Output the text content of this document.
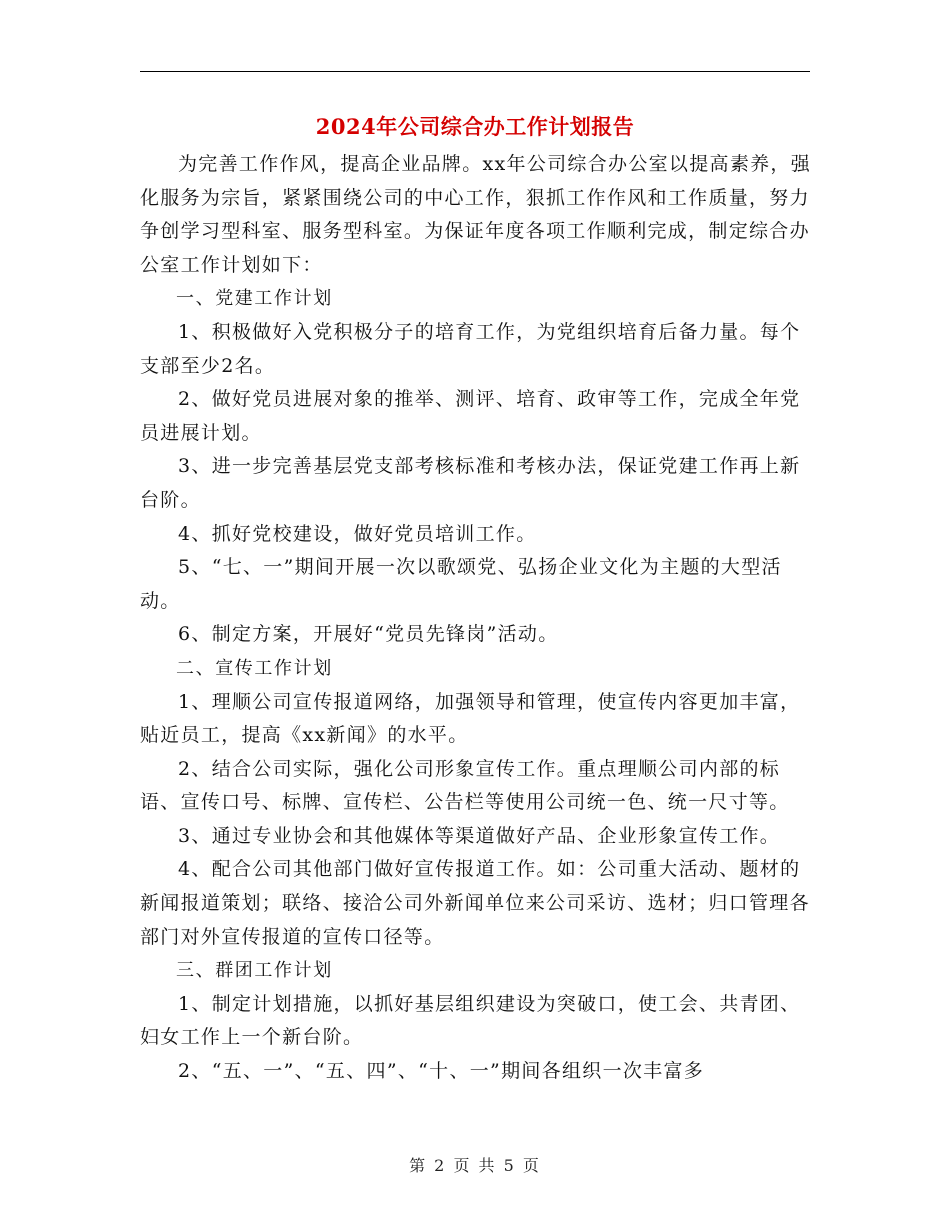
2024年公司综合办工作计划报告

为完善工作作风，提高企业品牌。xx年公司综合办公室以提高素养，强化服务为宗旨，紧紧围绕公司的中心工作，狠抓工作作风和工作质量，努力争创学习型科室、服务型科室。为保证年度各项工作顺利完成，制定综合办公室工作计划如下：

一、党建工作计划

1、积极做好入党积极分子的培育工作，为党组织培育后备力量。每个支部至少2名。

2、做好党员进展对象的推举、测评、培育、政审等工作，完成全年党员进展计划。

3、进一步完善基层党支部考核标准和考核办法，保证党建工作再上新台阶。

4、抓好党校建设，做好党员培训工作。

5、“七、一”期间开展一次以歌颂党、弘扬企业文化为主题的大型活动。

6、制定方案，开展好“党员先锋岗”活动。

二、宣传工作计划

1、理顺公司宣传报道网络，加强领导和管理，使宣传内容更加丰富，贴近员工，提高《xx新闻》的水平。

2、结合公司实际，强化公司形象宣传工作。重点理顺公司内部的标语、宣传口号、标牌、宣传栏、公告栏等使用公司统一色、统一尺寸等。

3、通过专业协会和其他媒体等渠道做好产品、企业形象宣传工作。

4、配合公司其他部门做好宣传报道工作。如：公司重大活动、题材的新闻报道策划；联络、接洽公司外新闻单位来公司采访、选材；归口管理各部门对外宣传报道的宣传口径等。

三、群团工作计划

1、制定计划措施，以抓好基层组织建设为突破口，使工会、共青团、妇女工作上一个新台阶。

2、“五、一”、“五、四”、“十、一”期间各组织一次丰富多

第 2 页 共 5 页
